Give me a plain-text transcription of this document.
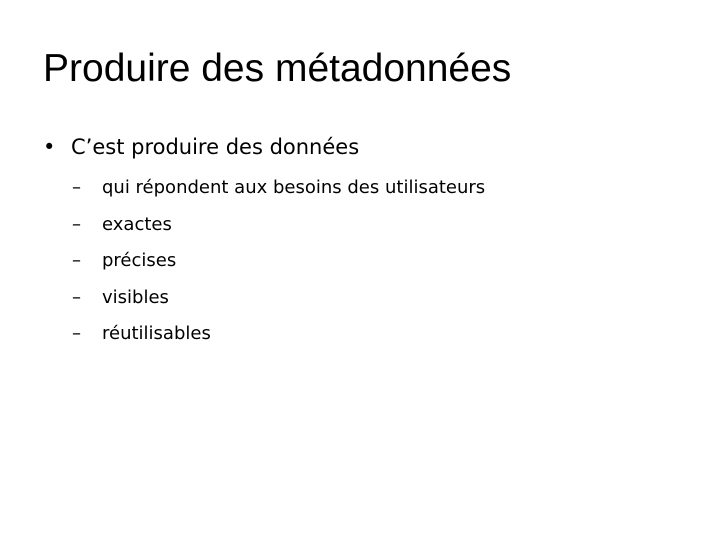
Produire des métadonnées
• C’est produire des données
– qui répondent aux besoins des utilisateurs
– exactes
– précises
– visibles
– réutilisables
